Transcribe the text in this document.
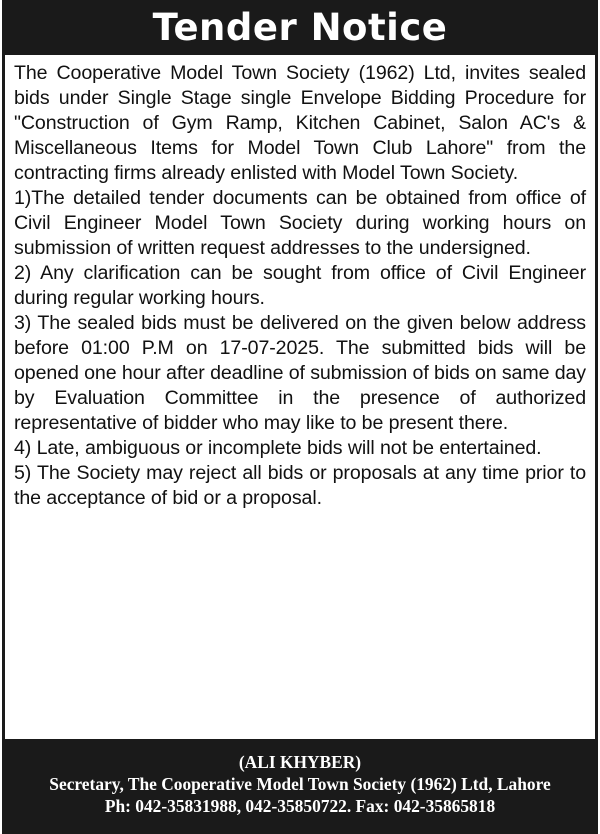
Tender Notice

The Cooperative Model Town Society (1962) Ltd, invites sealed bids under Single Stage single Envelope Bidding Procedure for "Construction of Gym Ramp, Kitchen Cabinet, Salon AC's & Miscellaneous Items for Model Town Club Lahore" from the contracting firms already enlisted with Model Town Society.

1)The detailed tender documents can be obtained from office of Civil Engineer Model Town Society during working hours on submission of written request addresses to the undersigned.

2) Any clarification can be sought from office of Civil Engineer during regular working hours.

3) The sealed bids must be delivered on the given below address before 01:00 P.M on 17-07-2025. The submitted bids will be opened one hour after deadline of submission of bids on same day by Evaluation Committee in the presence of authorized representative of bidder who may like to be present there.

4) Late, ambiguous or incomplete bids will not be entertained.

5) The Society may reject all bids or proposals at any time prior to the acceptance of bid or a proposal.

(ALI KHYBER)
Secretary, The Cooperative Model Town Society (1962) Ltd, Lahore
Ph: 042-35831988, 042-35850722. Fax: 042-35865818
